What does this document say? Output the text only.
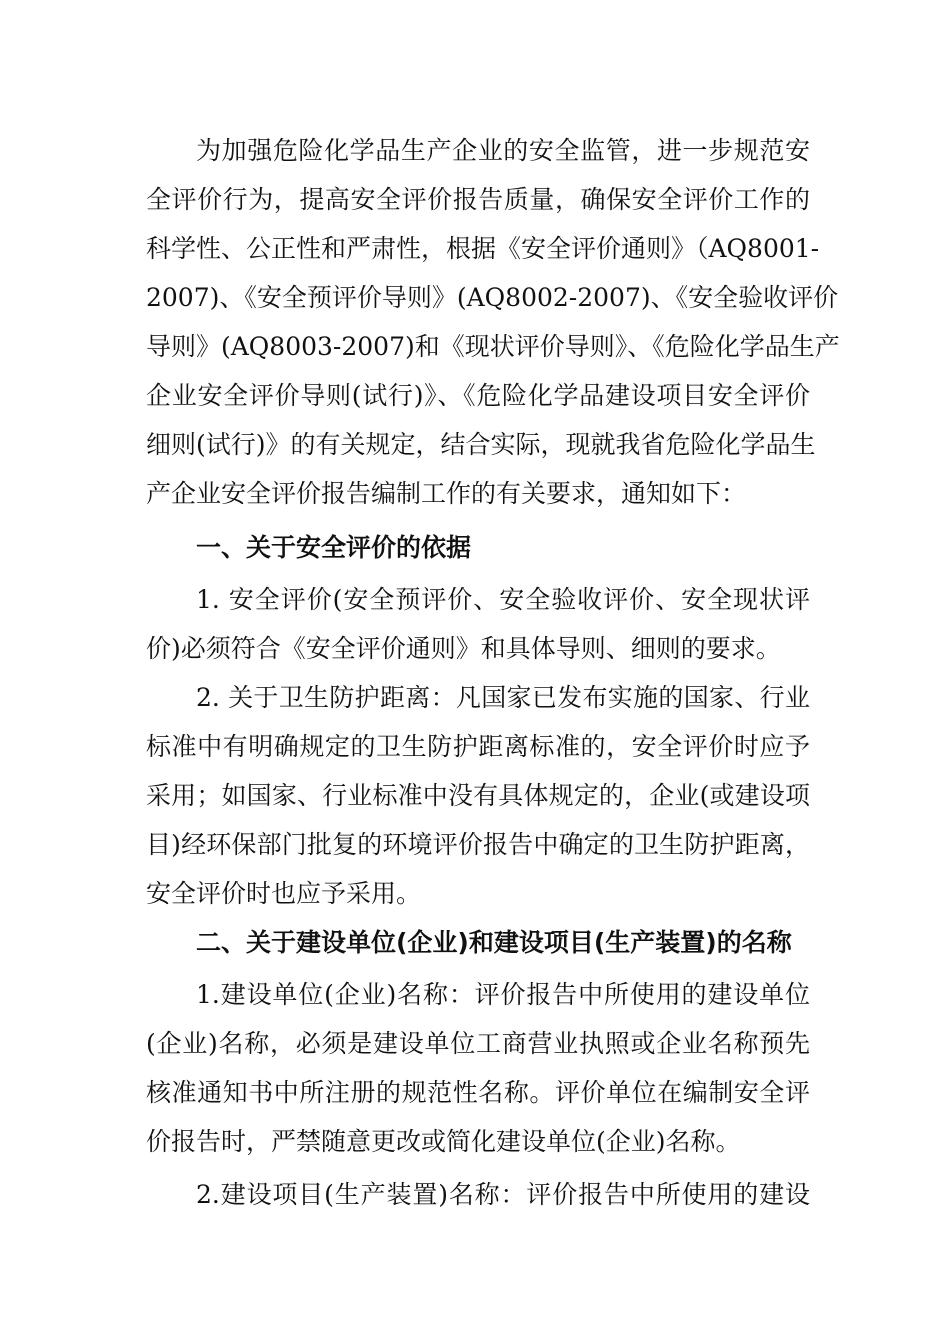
为加强危险化学品生产企业的安全监管，进一步规范安
全评价行为，提高安全评价报告质量，确保安全评价工作的
科学性、公正性和严肃性，根据《安全评价通则》（AQ8001-
2007)、《安全预评价导则》(AQ8002-2007)、《安全验收评价
导则》(AQ8003-2007)和《现状评价导则》、《危险化学品生产
企业安全评价导则(试行)》、《危险化学品建设项目安全评价
细则(试行)》的有关规定，结合实际，现就我省危险化学品生
产企业安全评价报告编制工作的有关要求，通知如下：
一、关于安全评价的依据
1. 安全评价(安全预评价、安全验收评价、安全现状评
价)必须符合《安全评价通则》和具体导则、细则的要求。
2. 关于卫生防护距离：凡国家已发布实施的国家、行业
标准中有明确规定的卫生防护距离标准的，安全评价时应予
采用；如国家、行业标准中没有具体规定的，企业(或建设项
目)经环保部门批复的环境评价报告中确定的卫生防护距离，
安全评价时也应予采用。
二、关于建设单位(企业)和建设项目(生产装置)的名称
1.建设单位(企业)名称：评价报告中所使用的建设单位
(企业)名称，必须是建设单位工商营业执照或企业名称预先
核准通知书中所注册的规范性名称。评价单位在编制安全评
价报告时，严禁随意更改或简化建设单位(企业)名称。
2.建设项目(生产装置)名称：评价报告中所使用的建设
